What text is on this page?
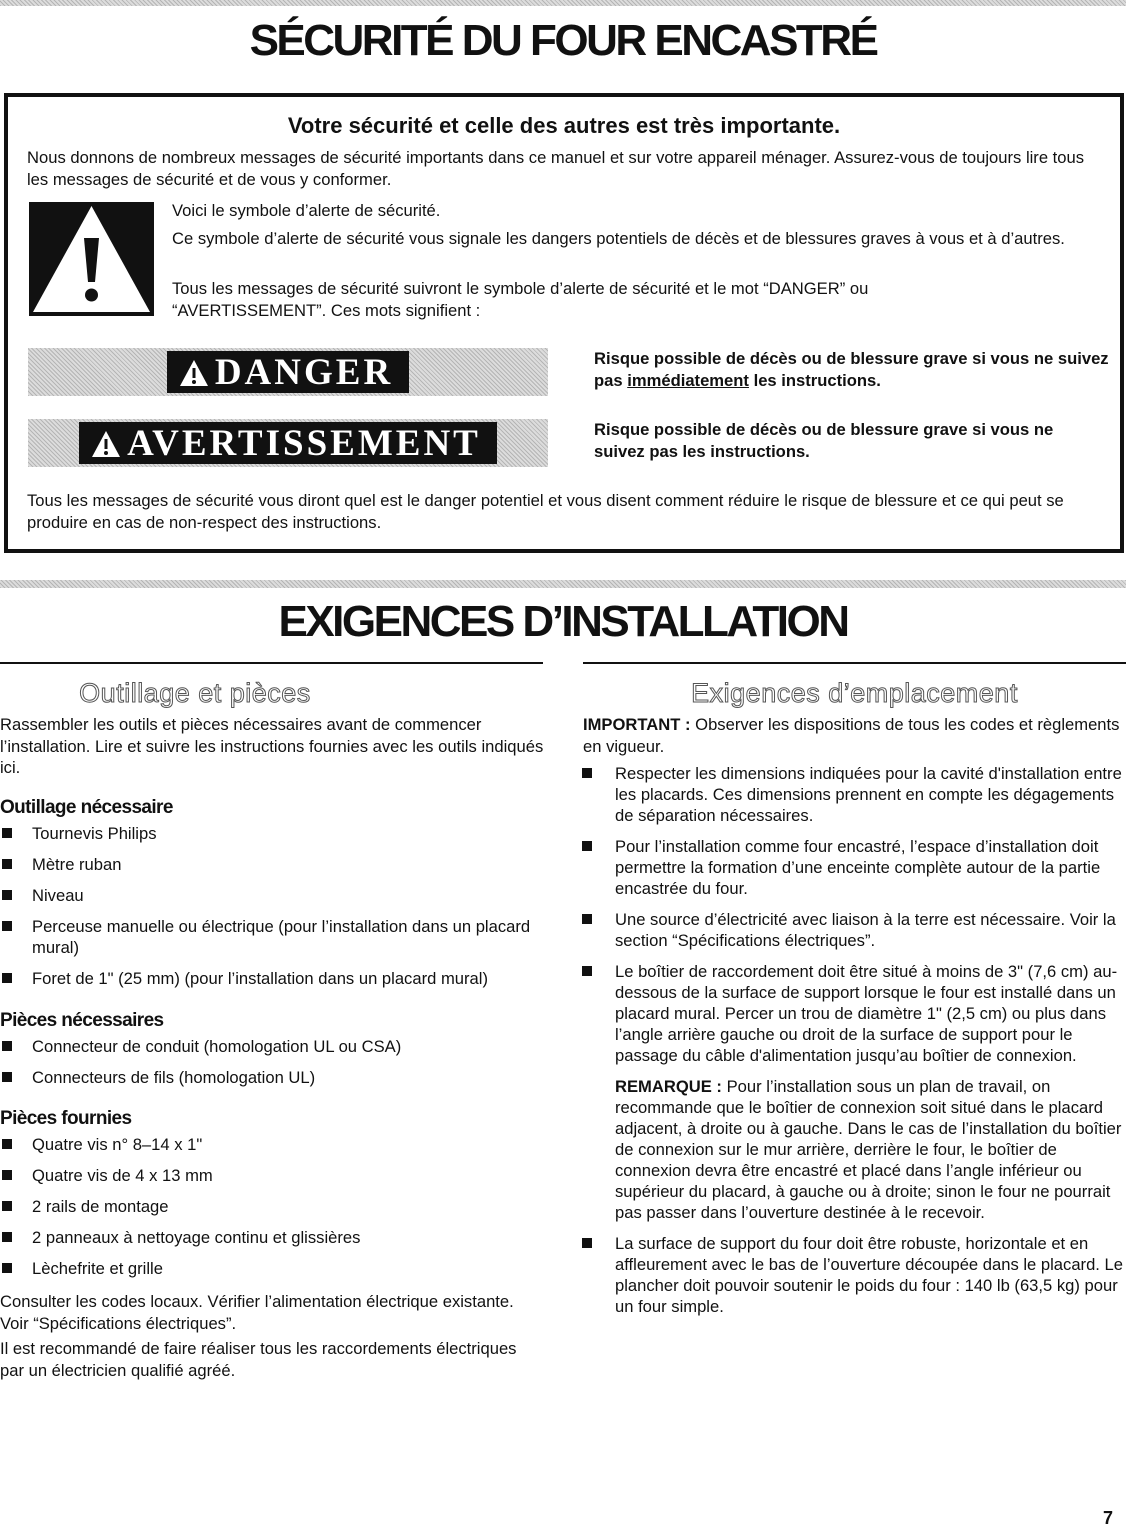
SÉCURITÉ DU FOUR ENCASTRÉ
Votre sécurité et celle des autres est très importante.

Nous donnons de nombreux messages de sécurité importants dans ce manuel et sur votre appareil ménager. Assurez-vous de toujours lire tous les messages de sécurité et de vous y conformer.

Voici le symbole d’alerte de sécurité.

Ce symbole d’alerte de sécurité vous signale les dangers potentiels de décès et de blessures graves à vous et à d’autres.

Tous les messages de sécurité suivront le symbole d’alerte de sécurité et le mot “DANGER” ou “AVERTISSEMENT”. Ces mots signifient :

DANGER	Risque possible de décès ou de blessure grave si vous ne suivez pas immédiatement les instructions.
AVERTISSEMENT	Risque possible de décès ou de blessure grave si vous ne suivez pas les instructions.

Tous les messages de sécurité vous diront quel est le danger potentiel et vous disent comment réduire le risque de blessure et ce qui peut se produire en cas de non-respect des instructions.

EXIGENCES D’INSTALLATION
Outillage et pièces

Rassembler les outils et pièces nécessaires avant de commencer l’installation. Lire et suivre les instructions fournies avec les outils indiqués ici.

Outillage nécessaire
Tournevis Philips
Mètre ruban
Niveau
Perceuse manuelle ou électrique (pour l’installation dans un placard mural)
Foret de 1" (25 mm) (pour l’installation dans un placard mural)
Pièces nécessaires
Connecteur de conduit (homologation UL ou CSA)
Connecteurs de fils (homologation UL)
Pièces fournies
Quatre vis n° 8–14 x 1"
Quatre vis de 4 x 13 mm
2 rails de montage
2 panneaux à nettoyage continu et glissières
Lèchefrite et grille

Consulter les codes locaux. Vérifier l’alimentation électrique existante. Voir “Spécifications électriques”.

Il est recommandé de faire réaliser tous les raccordements électriques par un électricien qualifié agréé.

Exigences d’emplacement

IMPORTANT : Observer les dispositions de tous les codes et règlements en vigueur.

Respecter les dimensions indiquées pour la cavité d'installation entre les placards. Ces dimensions prennent en compte les dégagements de séparation nécessaires.
Pour l’installation comme four encastré, l’espace d’installation doit permettre la formation d’une enceinte complète autour de la partie encastrée du four.
Une source d’électricité avec liaison à la terre est nécessaire. Voir la section “Spécifications électriques”.
Le boîtier de raccordement doit être situé à moins de 3" (7,6 cm) au-dessous de la surface de support lorsque le four est installé dans un placard mural. Percer un trou de diamètre 1" (2,5 cm) ou plus dans l’angle arrière gauche ou droit de la surface de support pour le passage du câble d'alimentation jusqu’au boîtier de connexion.
REMARQUE : Pour l’installation sous un plan de travail, on recommande que le boîtier de connexion soit situé dans le placard adjacent, à droite ou à gauche. Dans le cas de l’installation du boîtier de connexion sur le mur arrière, derrière le four, le boîtier de connexion devra être encastré et placé dans l’angle inférieur ou supérieur du placard, à gauche ou à droite; sinon le four ne pourrait pas passer dans l’ouverture destinée à le recevoir.
La surface de support du four doit être robuste, horizontale et en affleurement avec le bas de l’ouverture découpée dans le placard. Le plancher doit pouvoir soutenir le poids du four : 140 lb (63,5 kg) pour un four simple.
7
